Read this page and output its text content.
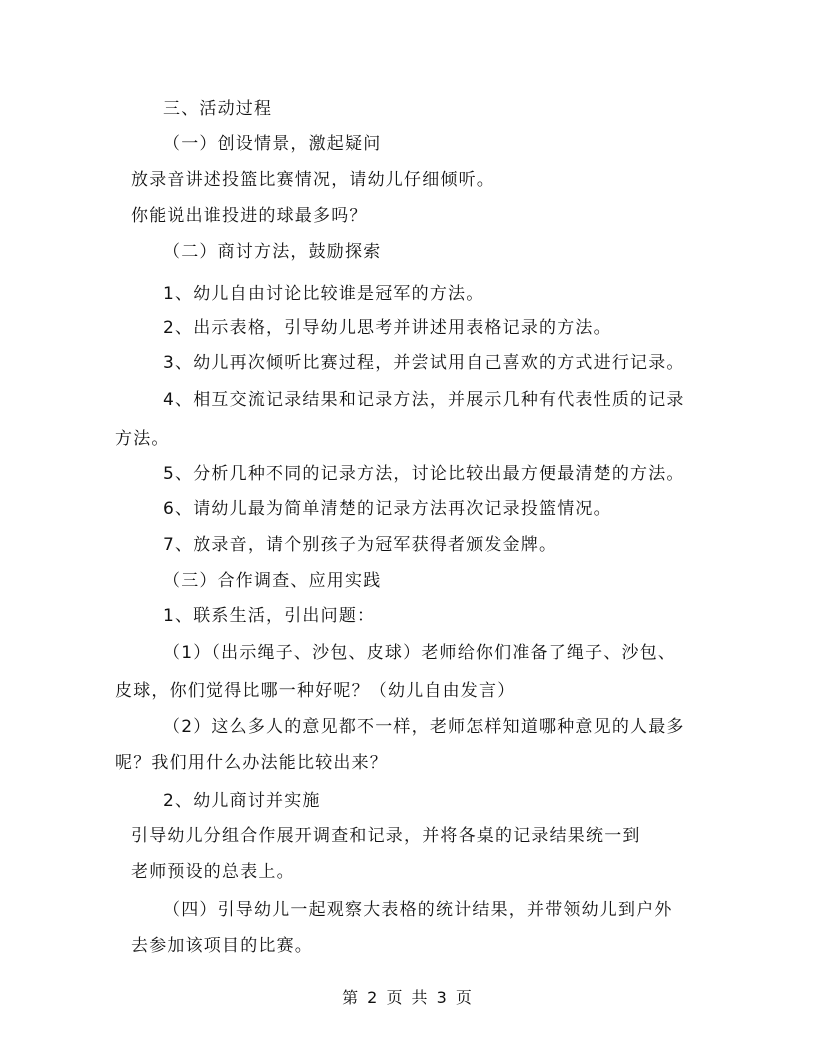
三、活动过程
（一）创设情景，激起疑问
放录音讲述投篮比赛情况，请幼儿仔细倾听。
你能说出谁投进的球最多吗？
（二）商讨方法，鼓励探索
1、幼儿自由讨论比较谁是冠军的方法。
2、出示表格，引导幼儿思考并讲述用表格记录的方法。
3、幼儿再次倾听比赛过程，并尝试用自己喜欢的方式进行记录。
4、相互交流记录结果和记录方法，并展示几种有代表性质的记录
方法。
5、分析几种不同的记录方法，讨论比较出最方便最清楚的方法。
6、请幼儿最为简单清楚的记录方法再次记录投篮情况。
7、放录音，请个别孩子为冠军获得者颁发金牌。
（三）合作调查、应用实践
1、联系生活，引出问题：
（1）（出示绳子、沙包、皮球）老师给你们准备了绳子、沙包、
皮球，你们觉得比哪一种好呢？（幼儿自由发言）
（2）这么多人的意见都不一样，老师怎样知道哪种意见的人最多
呢？我们用什么办法能比较出来？
2、幼儿商讨并实施
引导幼儿分组合作展开调查和记录，并将各桌的记录结果统一到
老师预设的总表上。
（四）引导幼儿一起观察大表格的统计结果，并带领幼儿到户外
去参加该项目的比赛。
第 2 页 共 3 页
